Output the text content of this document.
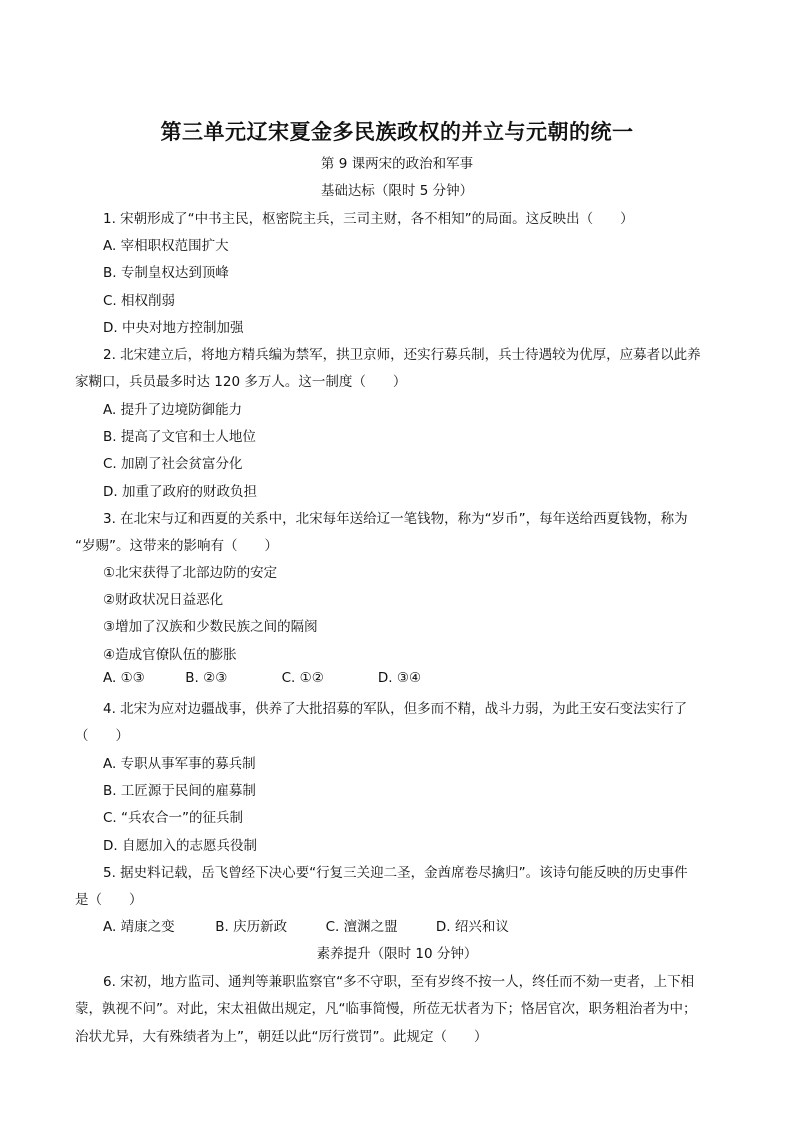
第三单元辽宋夏金多民族政权的并立与元朝的统一
第 9 课两宋的政治和军事
基础达标（限时 5 分钟）
1. 宋朝形成了“中书主民，枢密院主兵，三司主财，各不相知”的局面。这反映出（　　）
A. 宰相职权范围扩大
B. 专制皇权达到顶峰
C. 相权削弱
D. 中央对地方控制加强
2. 北宋建立后，将地方精兵编为禁军，拱卫京师，还实行募兵制，兵士待遇较为优厚，应募者以此养
家糊口，兵员最多时达 120 多万人。这一制度（　　）
A. 提升了边境防御能力
B. 提高了文官和士人地位
C. 加剧了社会贫富分化
D. 加重了政府的财政负担
3. 在北宋与辽和西夏的关系中，北宋每年送给辽一笔钱物，称为“岁币”，每年送给西夏钱物，称为
“岁赐”。这带来的影响有（　　）
①北宋获得了北部边防的安定
②财政状况日益恶化
③增加了汉族和少数民族之间的隔阂
④造成官僚队伍的膨胀
A. ①③	B. ②③	C. ①②	D. ③④
4. 北宋为应对边疆战事，供养了大批招募的军队，但多而不精，战斗力弱，为此王安石变法实行了
（　　）
A. 专职从事军事的募兵制
B. 工匠源于民间的雇募制
C. “兵农合一”的征兵制
D. 自愿加入的志愿兵役制
5. 据史料记载，岳飞曾经下决心要“行复三关迎二圣，金酋席卷尽擒归”。该诗句能反映的历史事件
是（　　）
A. 靖康之变	B. 庆历新政	C. 澶渊之盟	D. 绍兴和议
素养提升（限时 10 分钟）
6. 宋初，地方监司、通判等兼职监察官“多不守职，至有岁终不按一人，终任而不劾一吏者，上下相
蒙，孰视不问”。对此，宋太祖做出规定，凡“临事简慢，所莅无状者为下；恪居官次，职务粗治者为中；
治状尤异，大有殊绩者为上”，朝廷以此“厉行赏罚”。此规定（　　）
